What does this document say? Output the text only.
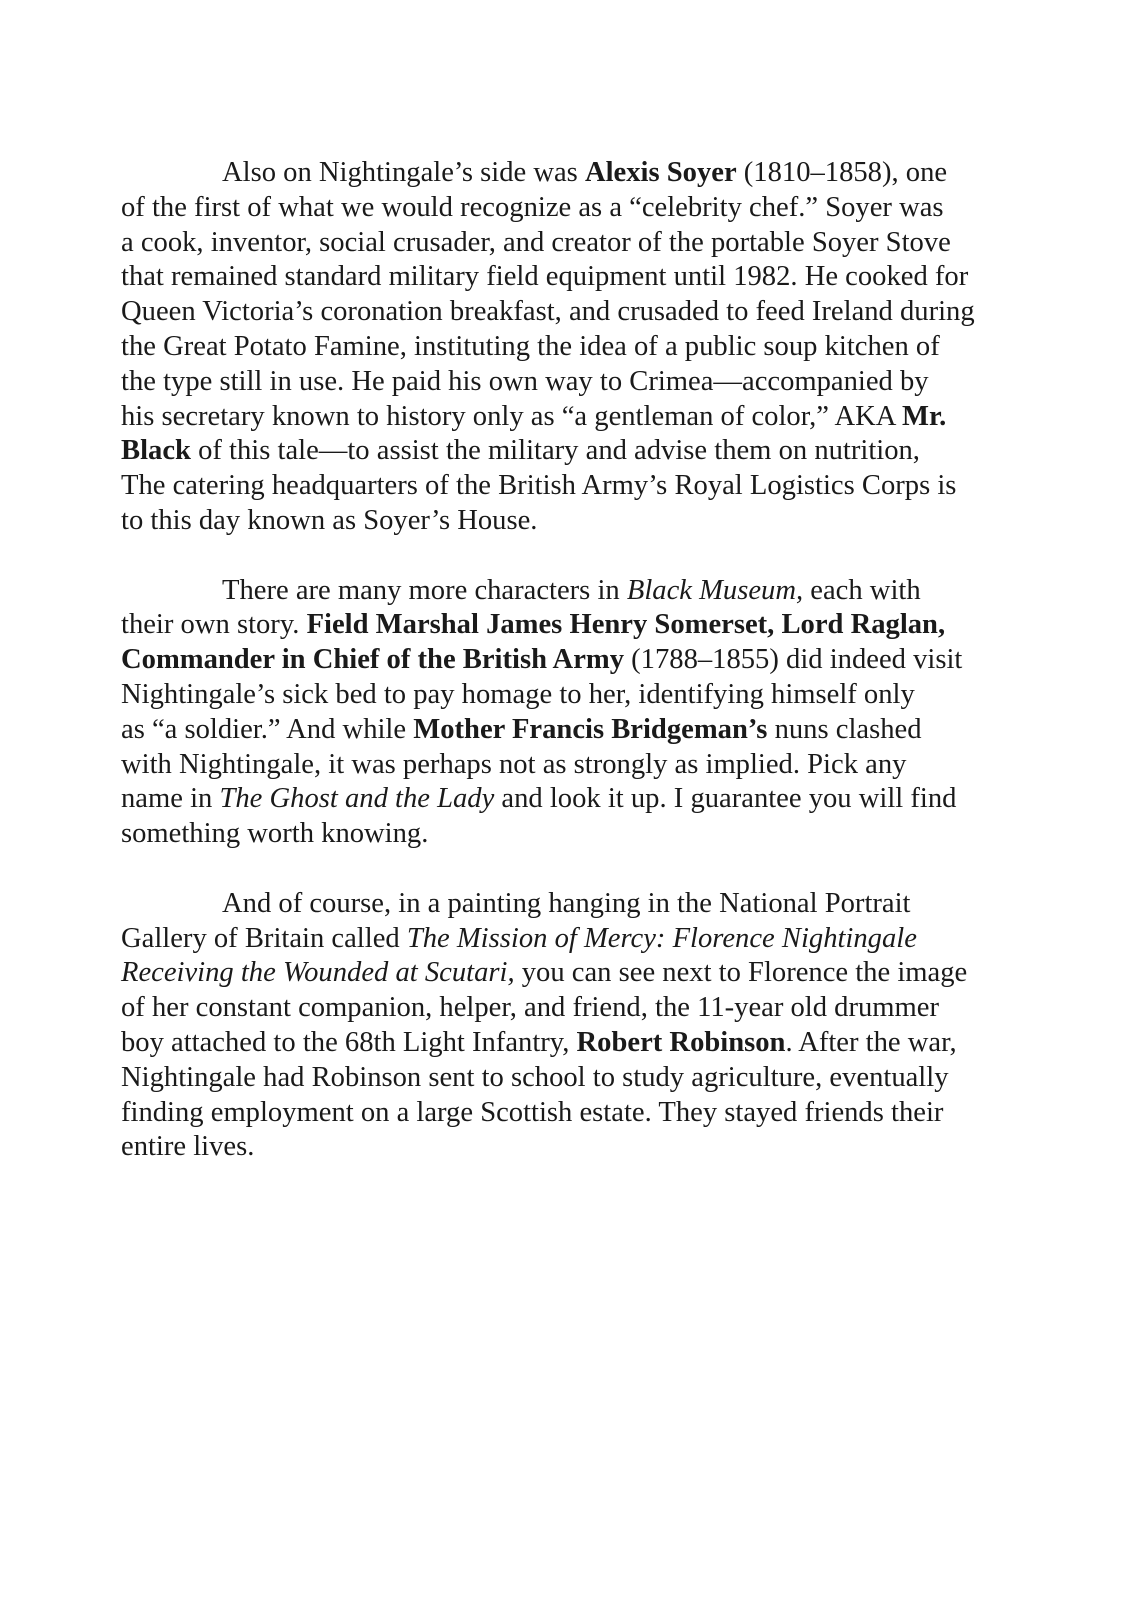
Also on Nightingale’s side was Alexis Soyer (1810–1858), one
of the first of what we would recognize as a “celebrity chef.” Soyer was
a cook, inventor, social crusader, and creator of the portable Soyer Stove
that remained standard military field equipment until 1982. He cooked for
Queen Victoria’s coronation breakfast, and crusaded to feed Ireland during
the Great Potato Famine, instituting the idea of a public soup kitchen of
the type still in use. He paid his own way to Crimea—accompanied by
his secretary known to history only as “a gentleman of color,” AKA Mr.
Black of this tale—to assist the military and advise them on nutrition,
The catering headquarters of the British Army’s Royal Logistics Corps is
to this day known as Soyer’s House.

There are many more characters in Black Museum, each with
their own story. Field Marshal James Henry Somerset, Lord Raglan,
Commander in Chief of the British Army (1788–1855) did indeed visit
Nightingale’s sick bed to pay homage to her, identifying himself only
as “a soldier.” And while Mother Francis Bridgeman’s nuns clashed
with Nightingale, it was perhaps not as strongly as implied. Pick any
name in The Ghost and the Lady and look it up. I guarantee you will find
something worth knowing.

And of course, in a painting hanging in the National Portrait
Gallery of Britain called The Mission of Mercy: Florence Nightingale
Receiving the Wounded at Scutari, you can see next to Florence the image
of her constant companion, helper, and friend, the 11-year old drummer
boy attached to the 68th Light Infantry, Robert Robinson. After the war,
Nightingale had Robinson sent to school to study agriculture, eventually
finding employment on a large Scottish estate. They stayed friends their
entire lives.
